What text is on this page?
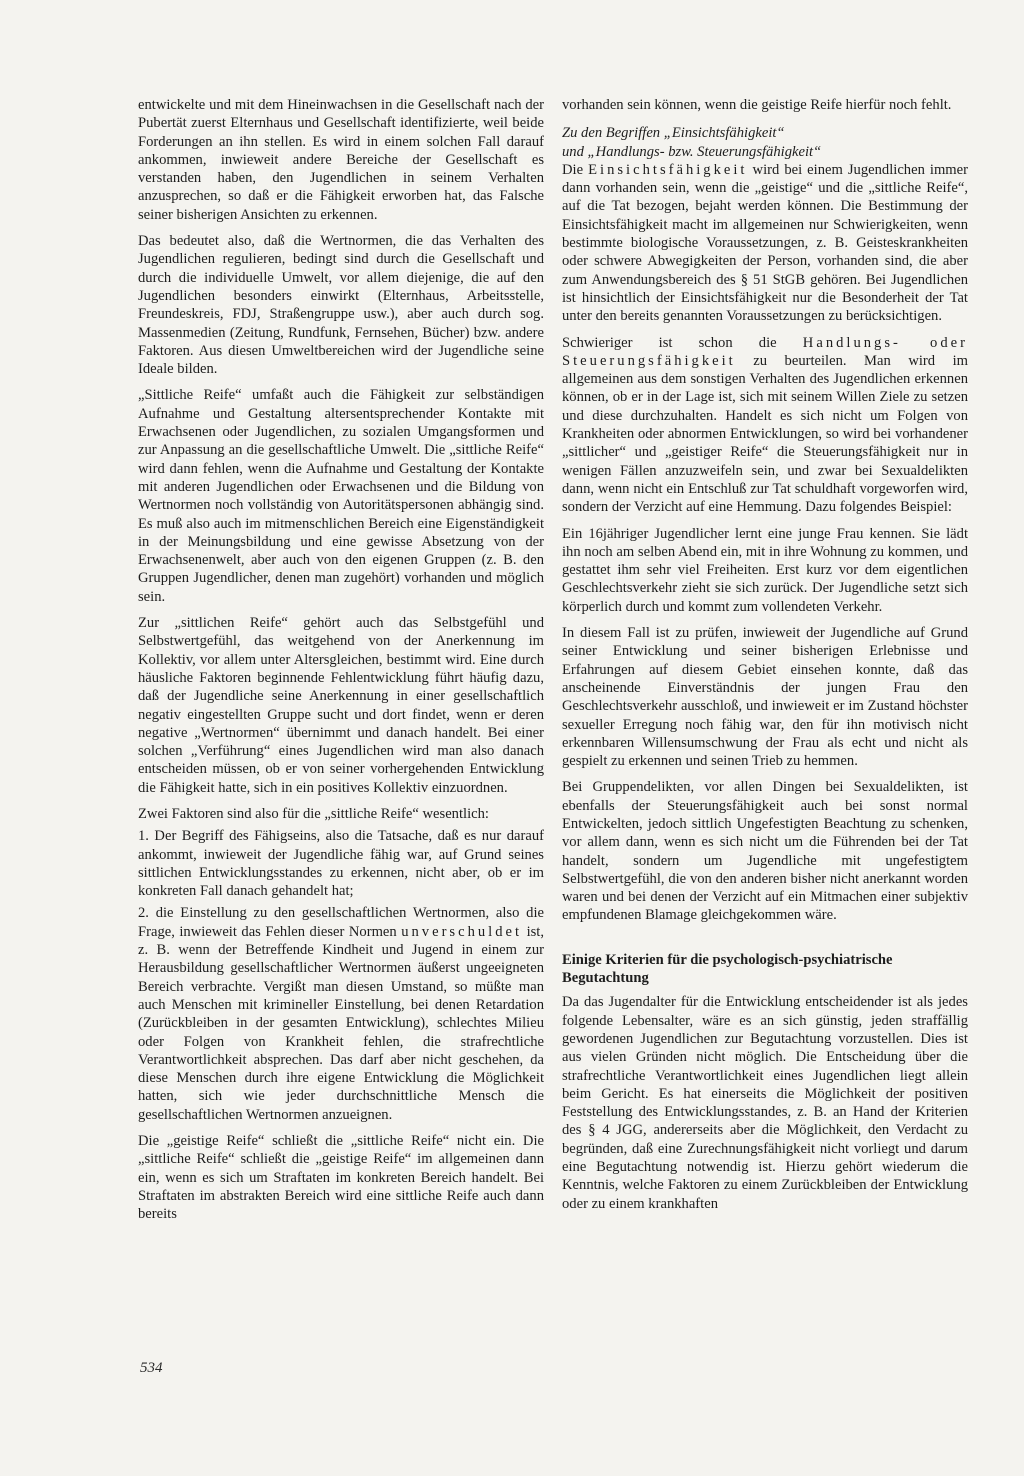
entwickelte und mit dem Hineinwachsen in die Gesellschaft nach der Pubertät zuerst Elternhaus und Gesellschaft identifizierte, weil beide Forderungen an ihn stellen. Es wird in einem solchen Fall darauf ankommen, inwieweit andere Bereiche der Gesellschaft es verstanden haben, den Jugendlichen in seinem Verhalten anzusprechen, so daß er die Fähigkeit erworben hat, das Falsche seiner bisherigen Ansichten zu erkennen.

Das bedeutet also, daß die Wertnormen, die das Verhalten des Jugendlichen regulieren, bedingt sind durch die Gesellschaft und durch die individuelle Umwelt, vor allem diejenige, die auf den Jugendlichen besonders einwirkt (Elternhaus, Arbeitsstelle, Freundeskreis, FDJ, Straßengruppe usw.), aber auch durch sog. Massenmedien (Zeitung, Rundfunk, Fernsehen, Bücher) bzw. andere Faktoren. Aus diesen Umweltbereichen wird der Jugendliche seine Ideale bilden.

„Sittliche Reife“ umfaßt auch die Fähigkeit zur selbständigen Aufnahme und Gestaltung altersentsprechender Kontakte mit Erwachsenen oder Jugendlichen, zu sozialen Umgangsformen und zur Anpassung an die gesellschaftliche Umwelt. Die „sittliche Reife“ wird dann fehlen, wenn die Aufnahme und Gestaltung der Kontakte mit anderen Jugendlichen oder Erwachsenen und die Bildung von Wertnormen noch vollständig von Autoritätspersonen abhängig sind. Es muß also auch im mitmenschlichen Bereich eine Eigenständigkeit in der Meinungsbildung und eine gewisse Absetzung von der Erwachsenenwelt, aber auch von den eigenen Gruppen (z. B. den Gruppen Jugendlicher, denen man zugehört) vorhanden und möglich sein.

Zur „sittlichen Reife“ gehört auch das Selbstgefühl und Selbstwertgefühl, das weitgehend von der Anerkennung im Kollektiv, vor allem unter Altersgleichen, bestimmt wird. Eine durch häusliche Faktoren beginnende Fehlentwicklung führt häufig dazu, daß der Jugendliche seine Anerkennung in einer gesellschaftlich negativ eingestellten Gruppe sucht und dort findet, wenn er deren negative „Wertnormen“ übernimmt und danach handelt. Bei einer solchen „Verführung“ eines Jugendlichen wird man also danach entscheiden müssen, ob er von seiner vorhergehenden Entwicklung die Fähigkeit hatte, sich in ein positives Kollektiv einzuordnen.

Zwei Faktoren sind also für die „sittliche Reife“ wesentlich:

1. Der Begriff des Fähigseins, also die Tatsache, daß es nur darauf ankommt, inwieweit der Jugendliche fähig war, auf Grund seines sittlichen Entwicklungsstandes zu erkennen, nicht aber, ob er im konkreten Fall danach gehandelt hat;

2. die Einstellung zu den gesellschaftlichen Wertnormen, also die Frage, inwieweit das Fehlen dieser Normen unverschuldet ist, z. B. wenn der Betreffende Kindheit und Jugend in einem zur Herausbildung gesellschaftlicher Wertnormen äußerst ungeeigneten Bereich verbrachte. Vergißt man diesen Umstand, so müßte man auch Menschen mit krimineller Einstellung, bei denen Retardation (Zurückbleiben in der gesamten Entwicklung), schlechtes Milieu oder Folgen von Krankheit fehlen, die strafrechtliche Verantwortlichkeit absprechen. Das darf aber nicht geschehen, da diese Menschen durch ihre eigene Entwicklung die Möglichkeit hatten, sich wie jeder durchschnittliche Mensch die gesellschaftlichen Wertnormen anzueignen.

Die „geistige Reife“ schließt die „sittliche Reife“ nicht ein. Die „sittliche Reife“ schließt die „geistige Reife“ im allgemeinen dann ein, wenn es sich um Straftaten im konkreten Bereich handelt. Bei Straftaten im abstrakten Bereich wird eine sittliche Reife auch dann bereits

vorhanden sein können, wenn die geistige Reife hierfür noch fehlt.

Zu den Begriffen „Einsichtsfähigkeit“

und „Handlungs- bzw. Steuerungsfähigkeit“

Die Einsichtsfähigkeit wird bei einem Jugendlichen immer dann vorhanden sein, wenn die „geistige“ und die „sittliche Reife“, auf die Tat bezogen, bejaht werden können. Die Bestimmung der Einsichtsfähigkeit macht im allgemeinen nur Schwierigkeiten, wenn bestimmte biologische Voraussetzungen, z. B. Geisteskrankheiten oder schwere Abwegigkeiten der Person, vorhanden sind, die aber zum Anwendungsbereich des § 51 StGB gehören. Bei Jugendlichen ist hinsichtlich der Einsichtsfähigkeit nur die Besonderheit der Tat unter den bereits genannten Voraussetzungen zu berücksichtigen.

Schwieriger ist schon die Handlungs- oder Steuerungsfähigkeit zu beurteilen. Man wird im allgemeinen aus dem sonstigen Verhalten des Jugendlichen erkennen können, ob er in der Lage ist, sich mit seinem Willen Ziele zu setzen und diese durchzuhalten. Handelt es sich nicht um Folgen von Krankheiten oder abnormen Entwicklungen, so wird bei vorhandener „sittlicher“ und „geistiger Reife“ die Steuerungsfähigkeit nur in wenigen Fällen anzuzweifeln sein, und zwar bei Sexualdelikten dann, wenn nicht ein Entschluß zur Tat schuldhaft vorgeworfen wird, sondern der Verzicht auf eine Hemmung. Dazu folgendes Beispiel:

Ein 16jähriger Jugendlicher lernt eine junge Frau kennen. Sie lädt ihn noch am selben Abend ein, mit in ihre Wohnung zu kommen, und gestattet ihm sehr viel Freiheiten. Erst kurz vor dem eigentlichen Geschlechtsverkehr zieht sie sich zurück. Der Jugendliche setzt sich körperlich durch und kommt zum vollendeten Verkehr.

In diesem Fall ist zu prüfen, inwieweit der Jugendliche auf Grund seiner Entwicklung und seiner bisherigen Erlebnisse und Erfahrungen auf diesem Gebiet einsehen konnte, daß das anscheinende Einverständnis der jungen Frau den Geschlechtsverkehr ausschloß, und inwieweit er im Zustand höchster sexueller Erregung noch fähig war, den für ihn motivisch nicht erkennbaren Willensumschwung der Frau als echt und nicht als gespielt zu erkennen und seinen Trieb zu hemmen.

Bei Gruppendelikten, vor allen Dingen bei Sexualdelikten, ist ebenfalls der Steuerungsfähigkeit auch bei sonst normal Entwickelten, jedoch sittlich Ungefestigten Beachtung zu schenken, vor allem dann, wenn es sich nicht um die Führenden bei der Tat handelt, sondern um Jugendliche mit ungefestigtem Selbstwertgefühl, die von den anderen bisher nicht anerkannt worden waren und bei denen der Verzicht auf ein Mitmachen einer subjektiv empfundenen Blamage gleichgekommen wäre.

Einige Kriterien für die psychologisch-psychiatrische Begutachtung

Da das Jugendalter für die Entwicklung entscheidender ist als jedes folgende Lebensalter, wäre es an sich günstig, jeden straffällig gewordenen Jugendlichen zur Begutachtung vorzustellen. Dies ist aus vielen Gründen nicht möglich. Die Entscheidung über die strafrechtliche Verantwortlichkeit eines Jugendlichen liegt allein beim Gericht. Es hat einerseits die Möglichkeit der positiven Feststellung des Entwicklungsstandes, z. B. an Hand der Kriterien des § 4 JGG, andererseits aber die Möglichkeit, den Verdacht zu begründen, daß eine Zurechnungsfähigkeit nicht vorliegt und darum eine Begutachtung notwendig ist. Hierzu gehört wiederum die Kenntnis, welche Faktoren zu einem Zurückbleiben der Entwicklung oder zu einem krankhaften

534
